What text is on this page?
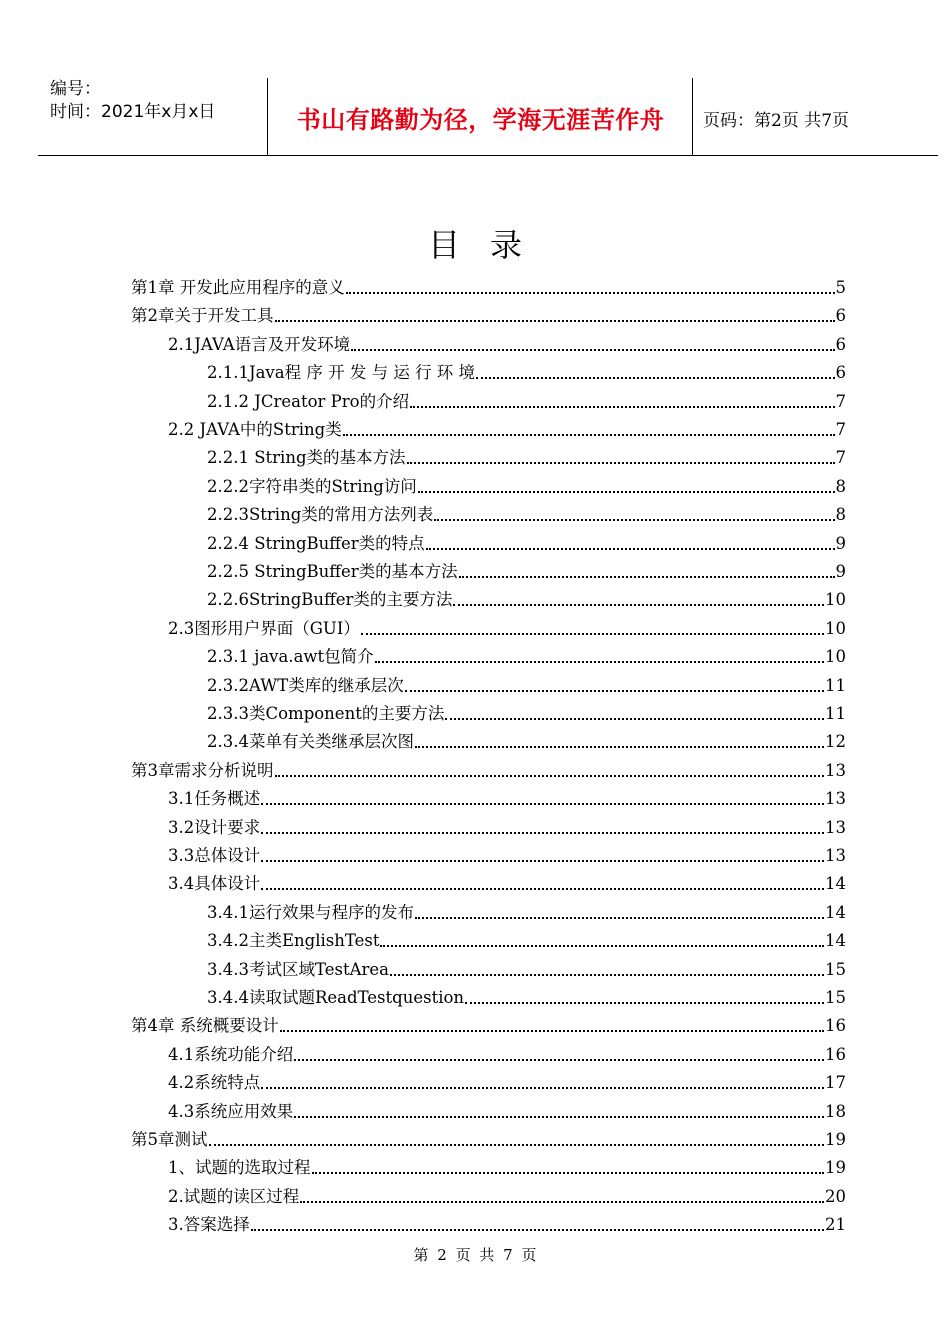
编号：
时间：2021年x月x日	书山有路勤为径，学海无涯苦作舟	页码：第2页 共7页
目录
第1章 开发此应用程序的意义	5
第2章关于开发工具	6
2.1JAVA语言及开发环境	6
2.1.1Java程 序 开 发 与 运 行 环 境	6
2.1.2 JCreator Pro的介绍	7
2.2 JAVA中的String类	7
2.2.1 String类的基本方法	7
2.2.2字符串类的String访问	8
2.2.3String类的常用方法列表	8
2.2.4 StringBuffer类的特点	9
2.2.5 StringBuffer类的基本方法	9
2.2.6StringBuffer类的主要方法	10
2.3图形用户界面（GUI）	10
2.3.1 java.awt包简介	10
2.3.2AWT类库的继承层次	11
2.3.3类Component的主要方法	11
2.3.4菜单有关类继承层次图	12
第3章需求分析说明	13
3.1任务概述	13
3.2设计要求	13
3.3总体设计	13
3.4具体设计	14
3.4.1运行效果与程序的发布	14
3.4.2主类EnglishTest	14
3.4.3考试区域TestArea	15
3.4.4读取试题ReadTestquestion	15
第4章 系统概要设计	16
4.1系统功能介绍	16
4.2系统特点	17
4.3系统应用效果	18
第5章测试	19
1、试题的选取过程	19
2.试题的读区过程	20
3.答案选择	21
第 2 页 共 7 页
